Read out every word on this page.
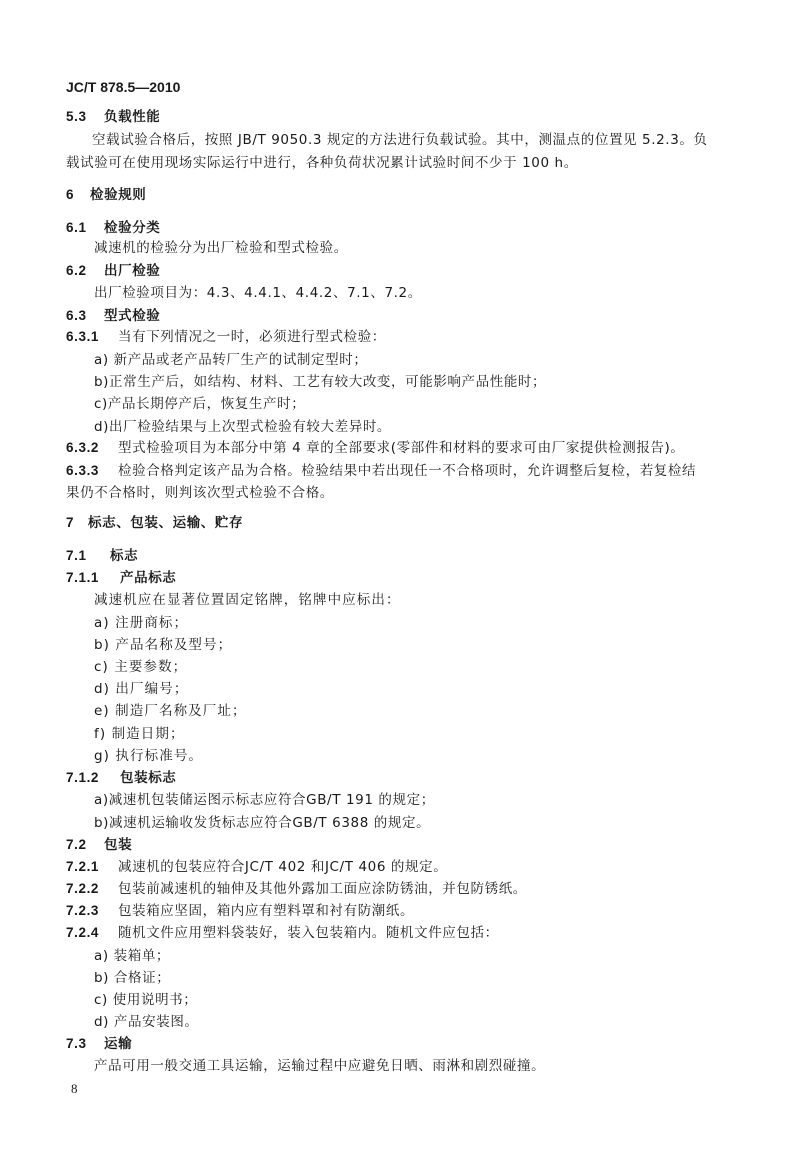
JC/T 878.5—2010
5.3 负载性能
空载试验合格后，按照 JB/T 9050.3 规定的方法进行负载试验。其中，测温点的位置见 5.2.3。负
载试验可在使用现场实际运行中进行，各种负荷状况累计试验时间不少于 100 h。
6 检验规则
6.1 检验分类
减速机的检验分为出厂检验和型式检验。
6.2 出厂检验
出厂检验项目为：4.3、4.4.1、4.4.2、7.1、7.2。
6.3 型式检验
6.3.1 当有下列情况之一时，必须进行型式检验：
a) 新产品或老产品转厂生产的试制定型时；
b)正常生产后，如结构、材料、工艺有较大改变，可能影响产品性能时；
c)产品长期停产后，恢复生产时；
d)出厂检验结果与上次型式检验有较大差异时。
6.3.2 型式检验项目为本部分中第 4 章的全部要求(零部件和材料的要求可由厂家提供检测报告)。
6.3.3 检验合格判定该产品为合格。检验结果中若出现任一不合格项时，允许调整后复检，若复检结
果仍不合格时，则判该次型式检验不合格。
7 标志、包装、运输、贮存
7.1 标志
7.1.1 产品标志
减速机应在显著位置固定铭牌，铭牌中应标出：
a) 注册商标；
b) 产品名称及型号；
c) 主要参数；
d) 出厂编号；
e) 制造厂名称及厂址；
f) 制造日期；
g) 执行标准号。
7.1.2 包装标志
a)减速机包装储运图示标志应符合GB/T 191 的规定；
b)减速机运输收发货标志应符合GB/T 6388 的规定。
7.2 包装
7.2.1 减速机的包装应符合JC/T 402 和JC/T 406 的规定。
7.2.2 包装前减速机的轴伸及其他外露加工面应涂防锈油，并包防锈纸。
7.2.3 包装箱应坚固，箱内应有塑料罩和衬有防潮纸。
7.2.4 随机文件应用塑料袋装好，装入包装箱内。随机文件应包括：
a) 装箱单；
b) 合格证；
c) 使用说明书；
d) 产品安装图。
7.3 运输
产品可用一般交通工具运输，运输过程中应避免日晒、雨淋和剧烈碰撞。
8
